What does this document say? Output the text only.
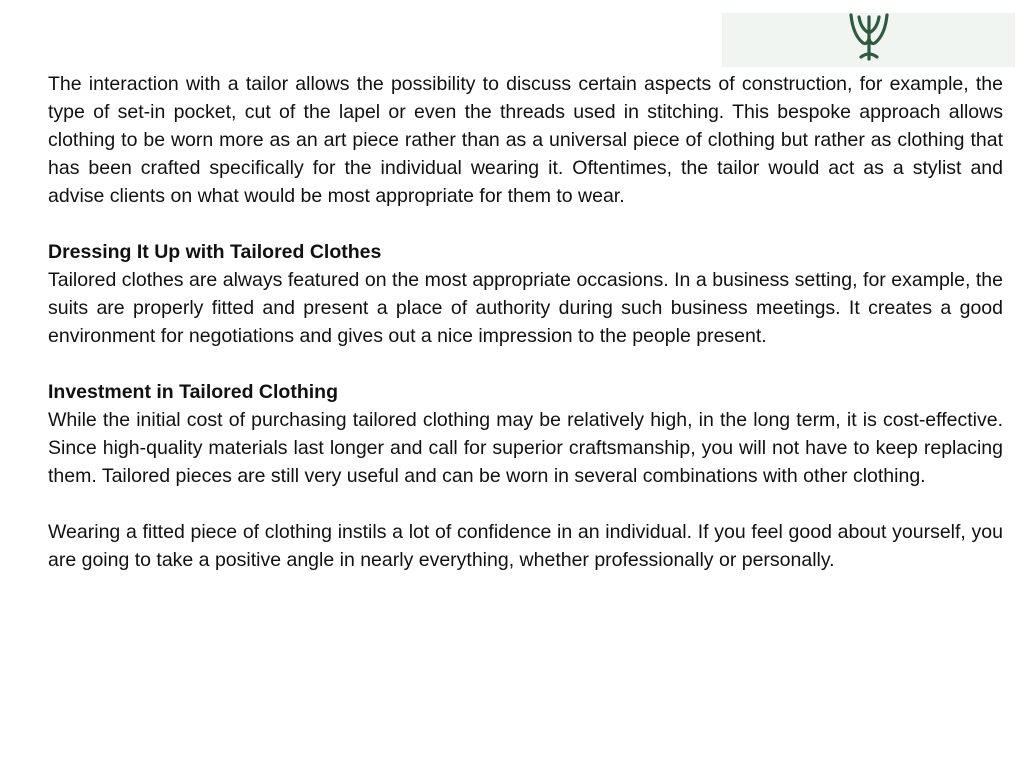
The interaction with a tailor allows the possibility to discuss certain aspects of construction, for example, the type of set-in pocket, cut of the lapel or even the threads used in stitching. This bespoke approach allows clothing to be worn more as an art piece rather than as a universal piece of clothing but rather as clothing that has been crafted specifically for the individual wearing it. Oftentimes, the tailor would act as a stylist and advise clients on what would be most appropriate for them to wear.

Dressing It Up with Tailored Clothes

Tailored clothes are always featured on the most appropriate occasions. In a business setting, for example, the suits are properly fitted and present a place of authority during such business meetings. It creates a good environment for negotiations and gives out a nice impression to the people present.

Investment in Tailored Clothing

While the initial cost of purchasing tailored clothing may be relatively high, in the long term, it is cost-effective. Since high-quality materials last longer and call for superior craftsmanship, you will not have to keep replacing them. Tailored pieces are still very useful and can be worn in several combinations with other clothing.

Wearing a fitted piece of clothing instils a lot of confidence in an individual. If you feel good about yourself, you are going to take a positive angle in nearly everything, whether professionally or personally.
